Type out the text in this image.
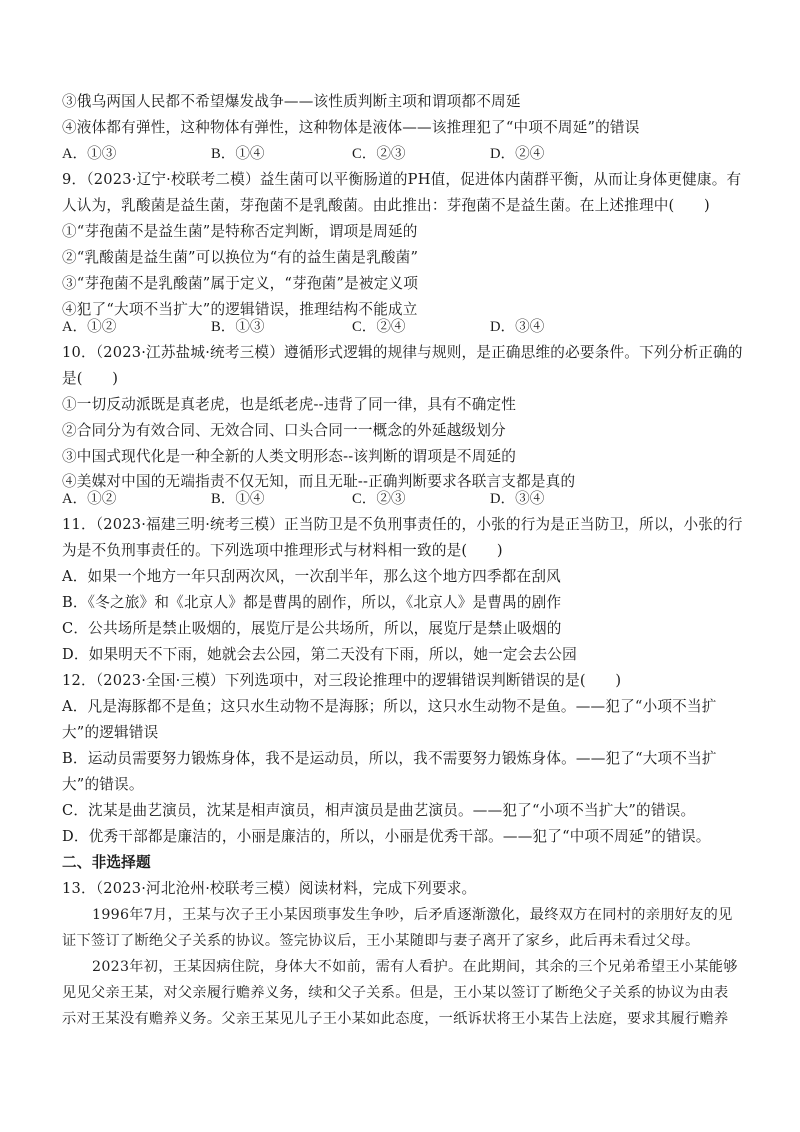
③俄乌两国人民都不希望爆发战争——该性质判断主项和谓项都不周延
④液体都有弹性，这种物体有弹性，这种物体是液体——该推理犯了“中项不周延”的错误
A．①③	B．①④	C．②③	D．②④
9．（2023·辽宁·校联考二模）益生菌可以平衡肠道的PH值，促进体内菌群平衡，从而让身体更健康。有
人认为，乳酸菌是益生菌，芽孢菌不是乳酸菌。由此推出：芽孢菌不是益生菌。在上述推理中(　　)
①“芽孢菌不是益生菌”是特称否定判断，谓项是周延的
②“乳酸菌是益生菌”可以换位为“有的益生菌是乳酸菌”
③“芽孢菌不是乳酸菌”属于定义，“芽孢菌”是被定义项
④犯了“大项不当扩大”的逻辑错误，推理结构不能成立
A．①②	B．①③	C．②④	D．③④
10．（2023·江苏盐城·统考三模）遵循形式逻辑的规律与规则，是正确思维的必要条件。下列分析正确的
是(　　)
①一切反动派既是真老虎，也是纸老虎--违背了同一律，具有不确定性
②合同分为有效合同、无效合同、口头合同一一概念的外延越级划分
③中国式现代化是一种全新的人类文明形态--该判断的谓项是不周延的
④美媒对中国的无端指责不仅无知，而且无耻--正确判断要求各联言支都是真的
A．①②	B．①④	C．②③	D．③④
11．（2023·福建三明·统考三模）正当防卫是不负刑事责任的，小张的行为是正当防卫，所以，小张的行
为是不负刑事责任的。下列选项中推理形式与材料相一致的是(　　)
A．如果一个地方一年只刮两次风，一次刮半年，那么这个地方四季都在刮风
B．《冬之旅》和《北京人》都是曹禺的剧作，所以，《北京人》是曹禺的剧作
C．公共场所是禁止吸烟的，展览厅是公共场所，所以，展览厅是禁止吸烟的
D．如果明天不下雨，她就会去公园，第二天没有下雨，所以，她一定会去公园
12．（2023·全国·三模）下列选项中，对三段论推理中的逻辑错误判断错误的是(　　)
A．凡是海豚都不是鱼；这只水生动物不是海豚；所以，这只水生动物不是鱼。——犯了“小项不当扩
大”的逻辑错误
B．运动员需要努力锻炼身体，我不是运动员，所以，我不需要努力锻炼身体。——犯了“大项不当扩
大”的错误。
C．沈某是曲艺演员，沈某是相声演员，相声演员是曲艺演员。——犯了“小项不当扩大”的错误。
D．优秀干部都是廉洁的，小丽是廉洁的，所以，小丽是优秀干部。——犯了“中项不周延”的错误。
二、非选择题
13．（2023·河北沧州·校联考三模）阅读材料，完成下列要求。
1996年7月，王某与次子王小某因琐事发生争吵，后矛盾逐渐激化，最终双方在同村的亲朋好友的见
证下签订了断绝父子关系的协议。签完协议后，王小某随即与妻子离开了家乡，此后再未看过父母。
2023年初，王某因病住院，身体大不如前，需有人看护。在此期间，其余的三个兄弟希望王小某能够
见见父亲王某，对父亲履行赡养义务，续和父子关系。但是，王小某以签订了断绝父子关系的协议为由表
示对王某没有赡养义务。父亲王某见儿子王小某如此态度，一纸诉状将王小某告上法庭，要求其履行赡养
